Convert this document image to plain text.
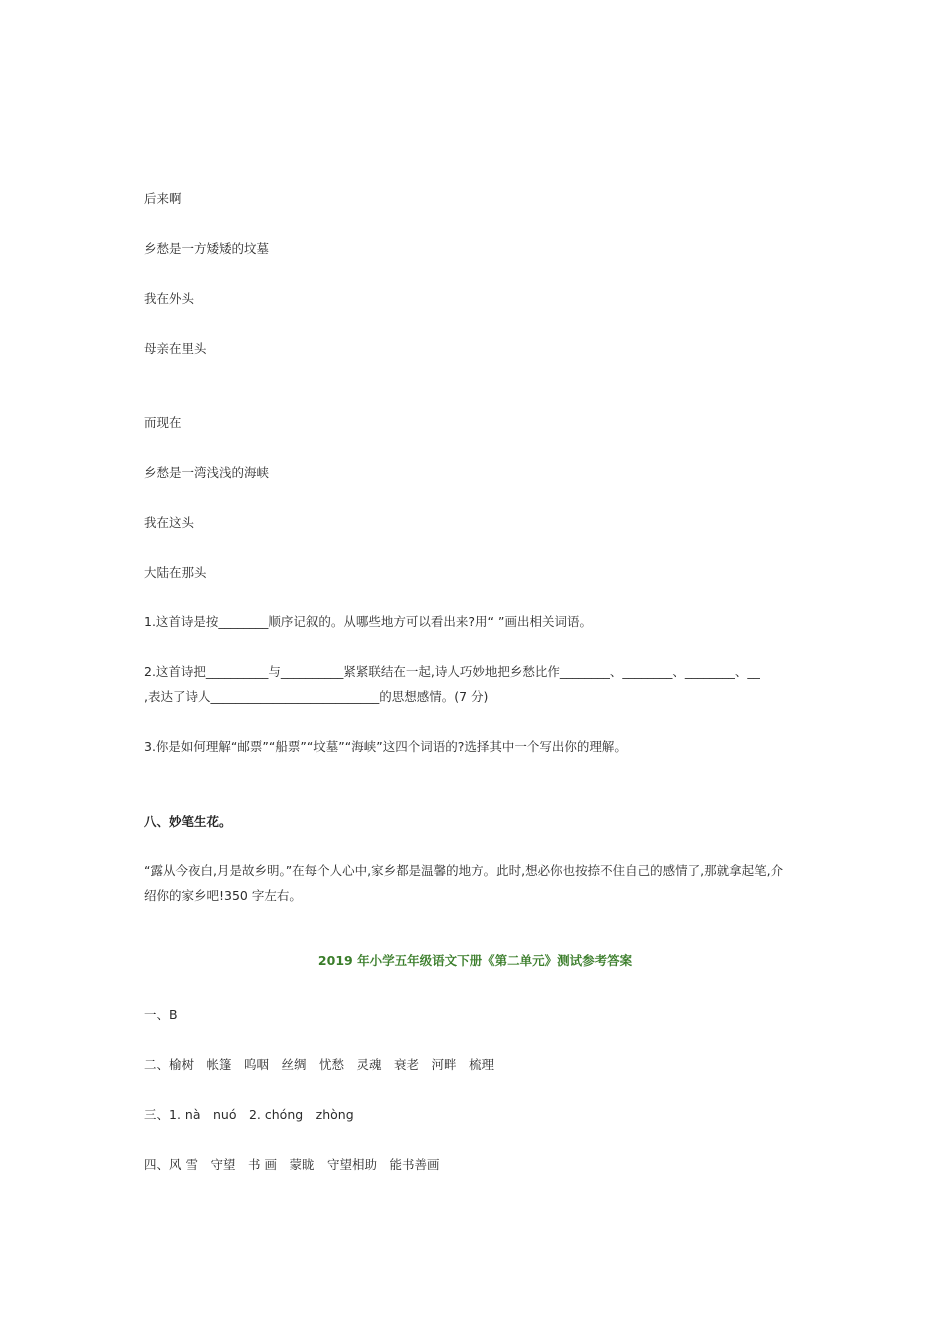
后来啊
乡愁是一方矮矮的坟墓
我在外头
母亲在里头
而现在
乡愁是一湾浅浅的海峡
我在这头
大陆在那头
1.这首诗是按________顺序记叙的。从哪些地方可以看出来?用“ ”画出相关词语。
2.这首诗把__________与__________紧紧联结在一起,诗人巧妙地把乡愁比作________、________、________、__
,表达了诗人___________________________的思想感情。(7 分)
3.你是如何理解“邮票”“船票”“坟墓”“海峡”这四个词语的?选择其中一个写出你的理解。
八、妙笔生花。
“露从今夜白,月是故乡明。”在每个人心中,家乡都是温馨的地方。此时,想必你也按捺不住自己的感情了,那就拿起笔,介
绍你的家乡吧!350 字左右。
2019 年小学五年级语文下册《第二单元》测试参考答案
一、B
二、榆树　帐篷　呜咽　丝绸　忧愁　灵魂　衰老　河畔　梳理
三、1. nà　nuó　2. chóng　zhòng
四、风 雪　守望　书 画　蒙眬　守望相助　能书善画
